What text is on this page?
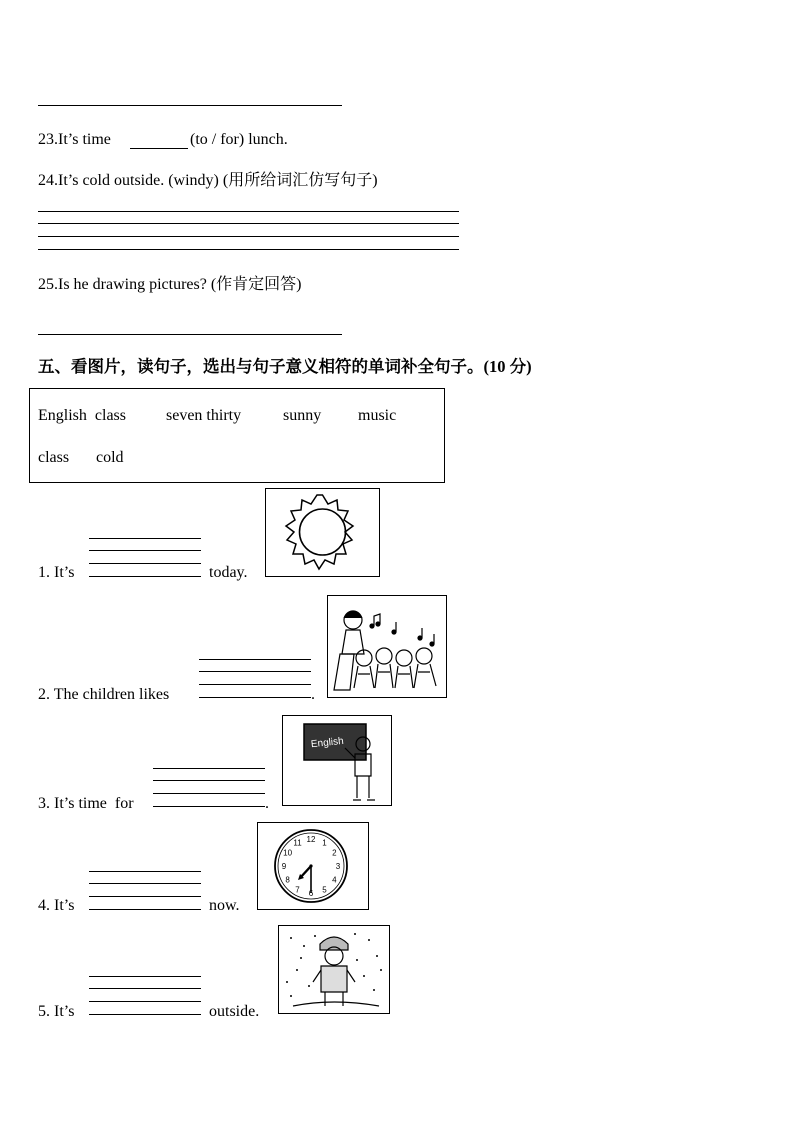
23.It’s time	(to / for) lunch.
24.It’s cold outside. (windy) (用所给词汇仿写句子)
25.Is he drawing pictures? (作肯定回答)
五、看图片，读句子，选出与句子意义相符的单词补全句子。(10 分)
English  class	seven thirty	sunny music
class cold
1. It’s	today.
2. The children likes	.
3. It’s time  for	.
English
4. It’s	now.
12 1
2
3
4
5
6
7
8
9
10
11
5. It’s	outside.
